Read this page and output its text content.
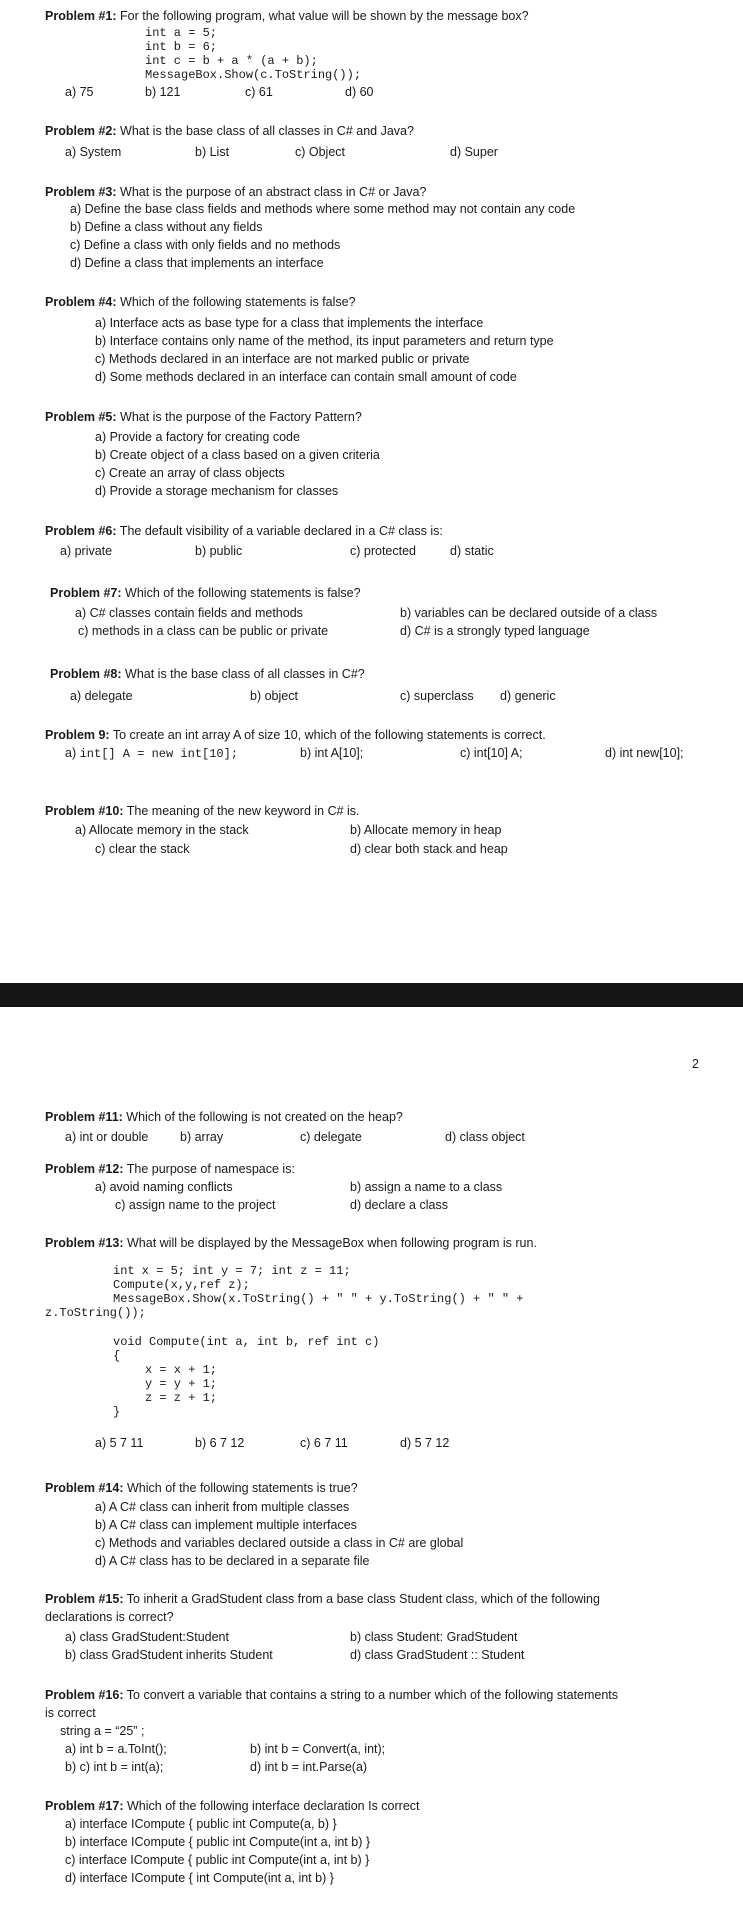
Problem #1: For the following program, what value will be shown by the message box?
int a = 5;
int b = 6;
int c = b + a * (a + b);
MessageBox.Show(c.ToString());
a) 75	b) 121	c) 61	d) 60
Problem #2: What is the base class of all classes in C# and Java?
a) System	b) List	c) Object	d) Super
Problem #3: What is the purpose of an abstract class in C# or Java?
a) Define the base class fields and methods where some method may not contain any code
b) Define a class without any fields
c) Define a class with only fields and no methods
d) Define a class that implements an interface
Problem #4: Which of the following statements is false?
a) Interface acts as base type for a class that implements the interface
b) Interface contains only name of the method, its input parameters and return type
c) Methods declared in an interface are not marked public or private
d) Some methods declared in an interface can contain small amount of code
Problem #5: What is the purpose of the Factory Pattern?
a) Provide a factory for creating code
b) Create object of a class based on a given criteria
c) Create an array of class objects
d) Provide a storage mechanism for classes
Problem #6: The default visibility of a variable declared in a C# class is:
a) private	b) public	c) protected	d) static
Problem #7: Which of the following statements is false?
a) C# classes contain fields and methods	b) variables can be declared outside of a class
c) methods in a class can be public or private	d) C# is a strongly typed language
Problem #8: What is the base class of all classes in C#?
a) delegate	b) object	c) superclass d) generic
Problem 9: To create an int array A of size 10, which of the following statements is correct.
a) int[] A = new int[10];	b) int A[10];	c) int[10] A;	d) int new[10];
Problem #10: The meaning of the new keyword in C# is.
a) Allocate memory in the stack	b) Allocate memory in heap
c) clear the stack	d) clear both stack and heap
2
Problem #11: Which of the following is not created on the heap?
a) int or double	b) array	c) delegate	d) class object
Problem #12: The purpose of namespace is:
a) avoid naming conflicts	b) assign a name to a class
c) assign name to the project	d) declare a class
Problem #13: What will be displayed by the MessageBox when following program is run.
int x = 5; int y = 7; int z = 11;
Compute(x,y,ref z);
MessageBox.Show(x.ToString() + " " + y.ToString() + " " +
z.ToString());
void Compute(int a, int b, ref int c)
{
x = x + 1;
y = y + 1;
z = z + 1;
}
a) 5 7 11	b) 6 7 12	c) 6 7 11	d) 5 7 12
Problem #14: Which of the following statements is true?
a) A C# class can inherit from multiple classes
b) A C# class can implement multiple interfaces
c) Methods and variables declared outside a class in C# are global
d) A C# class has to be declared in a separate file
Problem #15: To inherit a GradStudent class from a base class Student class, which of the following
declarations is correct?
a) class GradStudent:Student	b) class Student: GradStudent
b) class GradStudent inherits Student	d) class GradStudent :: Student
Problem #16: To convert a variable that contains a string to a number which of the following statements
is correct
string a = “25” ;
a) int b = a.ToInt();	b) int b = Convert(a, int);
b) c) int b = int(a);	d) int b = int.Parse(a)
Problem #17: Which of the following interface declaration Is correct
a) interface ICompute { public int Compute(a, b) }
b) interface ICompute { public int Compute(int a, int b) }
c) interface ICompute { public int Compute(int a, int b) }
d) interface ICompute { int Compute(int a, int b) }
